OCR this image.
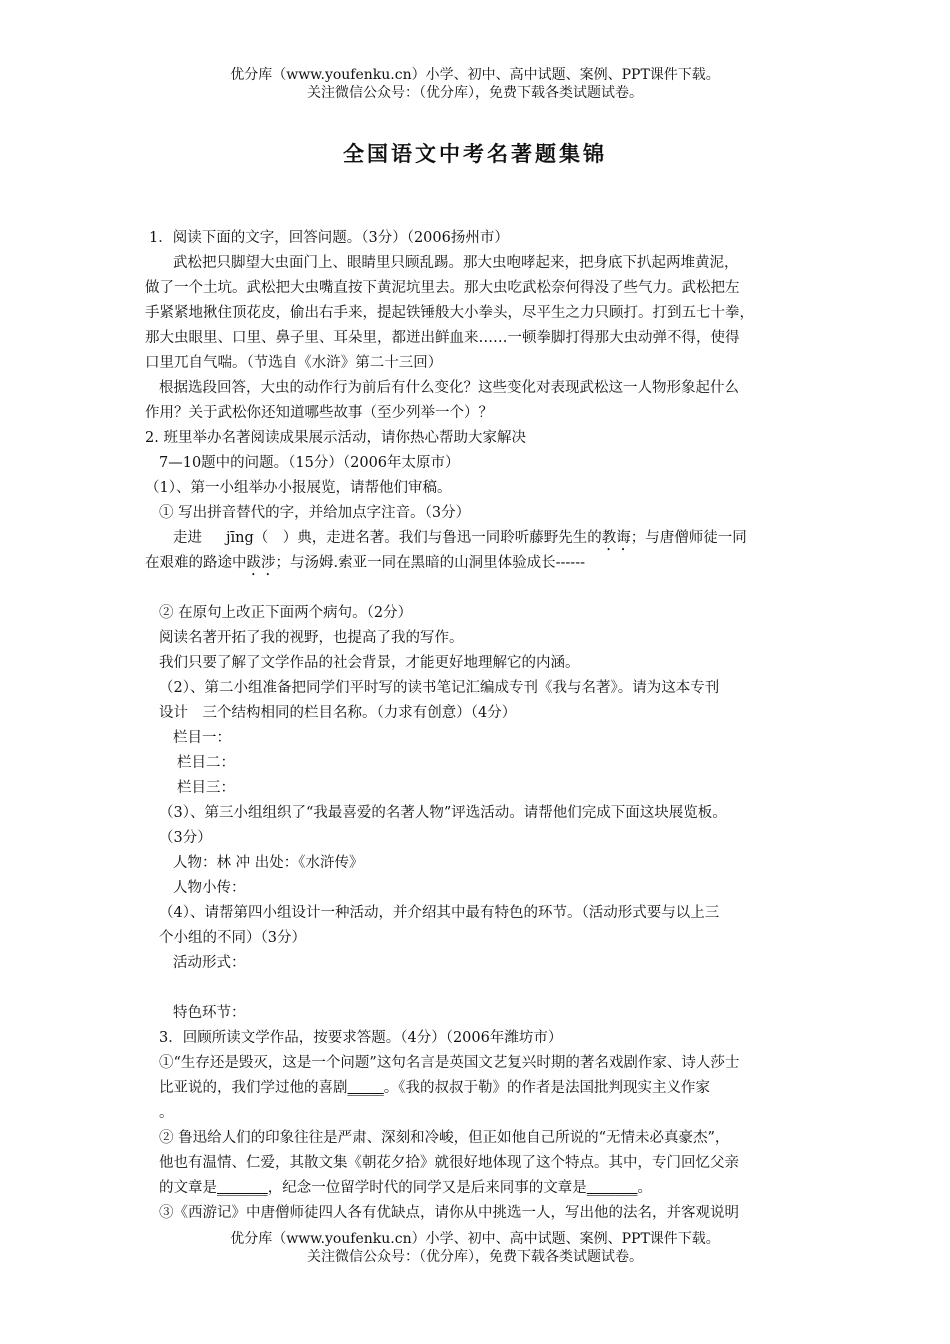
优分库（www.youfenku.cn）小学、初中、高中试题、案例、PPT课件下载。
关注微信公众号：（优分库），免费下载各类试题试卷。
全国语文中考名著题集锦
1．阅读下面的文字，回答问题。（3分）（2006扬州市）
武松把只脚望大虫面门上、眼睛里只顾乱踢。那大虫咆哮起来，把身底下扒起两堆黄泥，
做了一个土坑。武松把大虫嘴直按下黄泥坑里去。那大虫吃武松奈何得没了些气力。武松把左
手紧紧地揪住顶花皮，偷出右手来，提起铁锤般大小拳头，尽平生之力只顾打。打到五七十拳，
那大虫眼里、口里、鼻子里、耳朵里，都迸出鲜血来……一顿拳脚打得那大虫动弹不得，使得
口里兀自气喘。（节选自《水浒》第二十三回）
根据选段回答，大虫的动作行为前后有什么变化？这些变化对表现武松这一人物形象起什么
作用？关于武松你还知道哪些故事（至少列举一个）？
2. 班里举办名著阅读成果展示活动，请你热心帮助大家解决
7—10题中的问题。（15分）（2006年太原市）
（1）、第一小组举办小报展览，请帮他们审稿。
① 写出拼音替代的字，并给加点字注音。（3分）
走进 jīng（　）典，走进名著。我们与鲁迅一同聆听藤野先生的教诲；与唐僧师徒一同
在艰难的路途中跋涉；与汤姆.索亚一同在黑暗的山洞里体验成长------
② 在原句上改正下面两个病句。（2分）
阅读名著开拓了我的视野，也提高了我的写作。
我们只要了解了文学作品的社会背景，才能更好地理解它的内涵。
（2）、第二小组准备把同学们平时写的读书笔记汇编成专刊《我与名著》。请为这本专刊
设计　三个结构相同的栏目名称。（力求有创意）（4分）
栏目一：
栏目二：
栏目三：
（3）、第三小组组织了“我最喜爱的名著人物”评选活动。请帮他们完成下面这块展览板。
（3分）
人物：林 冲 出处：《水浒传》
人物小传：
（4）、请帮第四小组设计一种活动，并介绍其中最有特色的环节。（活动形式要与以上三
个小组的不同）（3分）
活动形式：
特色环节：
3．回顾所读文学作品，按要求答题。（4分）（2006年潍坊市）
①“生存还是毁灭，这是一个问题”这句名言是英国文艺复兴时期的著名戏剧作家、诗人莎士
比亚说的，我们学过他的喜剧_____。《我的叔叔于勒》的作者是法国批判现实主义作家
。
② 鲁迅给人们的印象往往是严肃、深刻和冷峻，但正如他自己所说的“无情未必真豪杰”，
他也有温情、仁爱，其散文集《朝花夕拾》就很好地体现了这个特点。其中，专门回忆父亲
的文章是_______，纪念一位留学时代的同学又是后来同事的文章是_______。
③《西游记》中唐僧师徒四人各有优缺点，请你从中挑选一人，写出他的法名，并客观说明
优分库（www.youfenku.cn）小学、初中、高中试题、案例、PPT课件下载。
关注微信公众号：（优分库），免费下载各类试题试卷。
